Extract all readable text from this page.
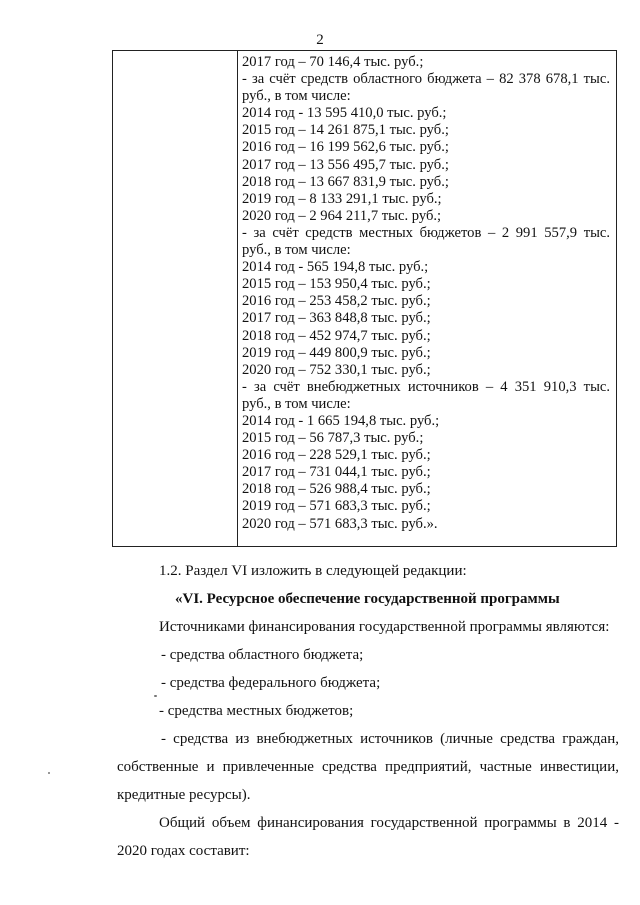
2
2017 год – 70 146,4 тыс. руб.;
- за счёт средств областного бюджета – 82 378 678,1 тыс.
руб., в том числе:
2014 год - 13 595 410,0 тыс. руб.;
2015 год – 14 261 875,1 тыс. руб.;
2016 год – 16 199 562,6 тыс. руб.;
2017 год – 13 556 495,7 тыс. руб.;
2018 год – 13 667 831,9 тыс. руб.;
2019 год – 8 133 291,1 тыс. руб.;
2020 год – 2 964 211,7 тыс. руб.;
- за счёт средств местных бюджетов – 2 991 557,9 тыс.
руб., в том числе:
2014 год - 565 194,8 тыс. руб.;
2015 год – 153 950,4 тыс. руб.;
2016 год – 253 458,2 тыс. руб.;
2017 год – 363 848,8 тыс. руб.;
2018 год – 452 974,7 тыс. руб.;
2019 год – 449 800,9 тыс. руб.;
2020 год – 752 330,1 тыс. руб.;
- за счёт внебюджетных источников – 4 351 910,3 тыс.
руб., в том числе:
2014 год - 1 665 194,8 тыс. руб.;
2015 год – 56 787,3 тыс. руб.;
2016 год – 228 529,1 тыс. руб.;
2017 год – 731 044,1 тыс. руб.;
2018 год – 526 988,4 тыс. руб.;
2019 год – 571 683,3 тыс. руб.;
2020 год – 571 683,3 тыс. руб.».
1.2. Раздел VI изложить в следующей редакции:
«VI. Ресурсное обеспечение государственной программы
Источниками финансирования государственной программы являются:
- средства областного бюджета;
- средства федерального бюджета;
- средства местных бюджетов;
- средства из внебюджетных источников (личные средства граждан,
собственные и привлеченные средства предприятий, частные инвестиции,
кредитные ресурсы).
Общий объем финансирования государственной программы в 2014 -
2020 годах составит:
